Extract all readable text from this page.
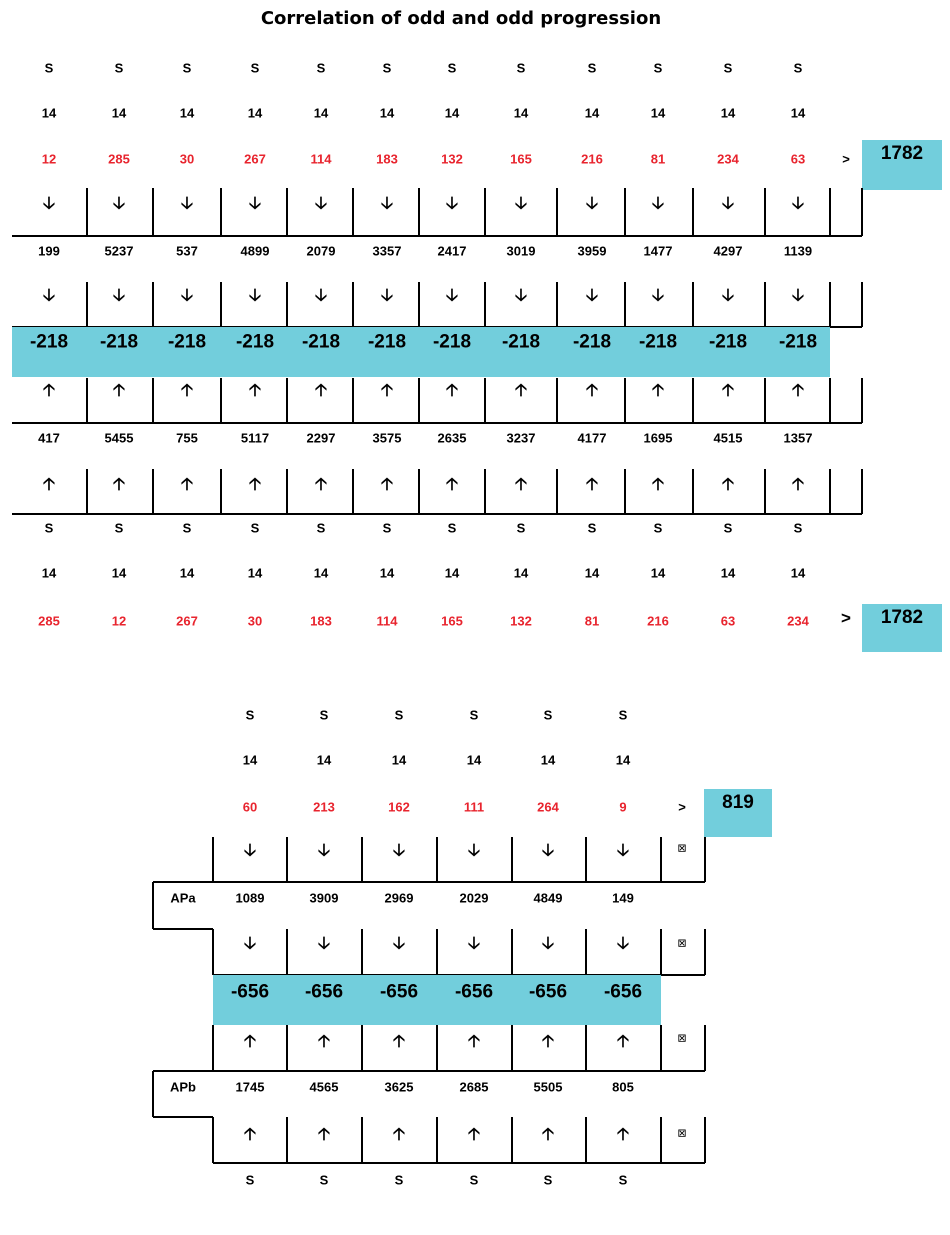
Correlation of odd and odd progression
S
14
12
🡣
199
🡣
🡡
417
🡡
S
14
285
S
14
285
🡣
5237
🡣
🡡
5455
🡡
S
14
12
S
14
30
🡣
537
🡣
🡡
755
🡡
S
14
267
S
14
267
🡣
4899
🡣
🡡
5117
🡡
S
14
30
S
14
114
🡣
2079
🡣
🡡
2297
🡡
S
14
183
S
14
183
🡣
3357
🡣
🡡
3575
🡡
S
14
114
S
14
132
🡣
2417
🡣
🡡
2635
🡡
S
14
165
S
14
165
🡣
3019
🡣
🡡
3237
🡡
S
14
132
S
14
216
🡣
3959
🡣
🡡
4177
🡡
S
14
81
S
14
81
🡣
1477
🡣
🡡
1695
🡡
S
14
216
S
14
234
🡣
4297
🡣
🡡
4515
🡡
S
14
63
S
14
63
🡣
1139
🡣
🡡
1357
🡡
S
14
234
>
>
1782
1782
-218 -218 -218 -218 -218 -218 -218 -218 -218 -218 -218 -218
S
14
60
🡣
1089
🡣
🡡
1745
🡡
S
S
14
213
🡣
3909
🡣
🡡
4565
🡡
S
S
14
162
🡣
2969
🡣
🡡
3625
🡡
S
S
14
111
🡣
2029
🡣
🡡
2685
🡡
S
S
14
264
🡣
4849
🡣
🡡
5505
🡡
S
S
14
9
🡣
149
🡣
🡡
805
🡡
S
>
⊠
⊠
⊠
⊠
819
-656 -656 -656 -656 -656 -656
APa
APb
